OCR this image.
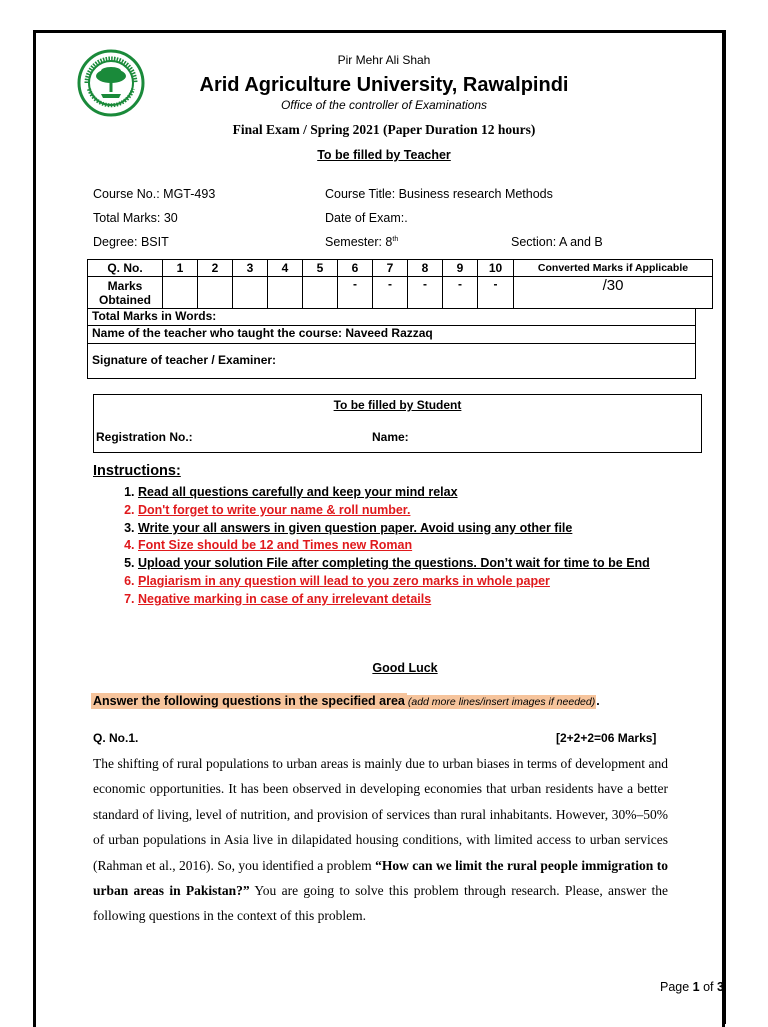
Pir Mehr Ali Shah
Arid Agriculture University, Rawalpindi
Office of the controller of Examinations
Final Exam / Spring 2021 (Paper Duration 12 hours)
To be filled by Teacher
Course No.: MGT-493	Course Title: Business research Methods
Total Marks: 30	Date of Exam:.
Degree: BSIT	Semester: 8th	Section: A and B
Q. No.	1	2	3	4	5	6	7	8	9	10	Converted Marks if Applicable
Marks Obtained						-	-	-	-	-	/30
Total Marks in Words:
Name of the teacher who taught the course: Naveed Razzaq
Signature of teacher / Examiner:
To be filled by Student
Registration No.:	Name:
Instructions:
1. Read all questions carefully and keep your mind relax
2. Don't forget to write your name & roll number.
3. Write your all answers in given question paper. Avoid using any other file
4. Font Size should be 12 and Times new Roman
5. Upload your solution File after completing the questions. Don’t wait for time to be End
6. Plagiarism in any question will lead to you zero marks in whole paper
7. Negative marking in case of any irrelevant details
Good Luck
Answer the following questions in the specified area (add more lines/insert images if needed).
Q. No.1.	[2+2+2=06 Marks]
The shifting of rural populations to urban areas is mainly due to urban biases in terms of development and economic opportunities. It has been observed in developing economies that urban residents have a better standard of living, level of nutrition, and provision of services than rural inhabitants. However, 30%–50% of urban populations in Asia live in dilapidated housing conditions, with limited access to urban services (Rahman et al., 2016). So, you identified a problem “How can we limit the rural people immigration to urban areas in Pakistan?” You are going to solve this problem through research. Please, answer the following questions in the context of this problem.
Page 1 of 3
